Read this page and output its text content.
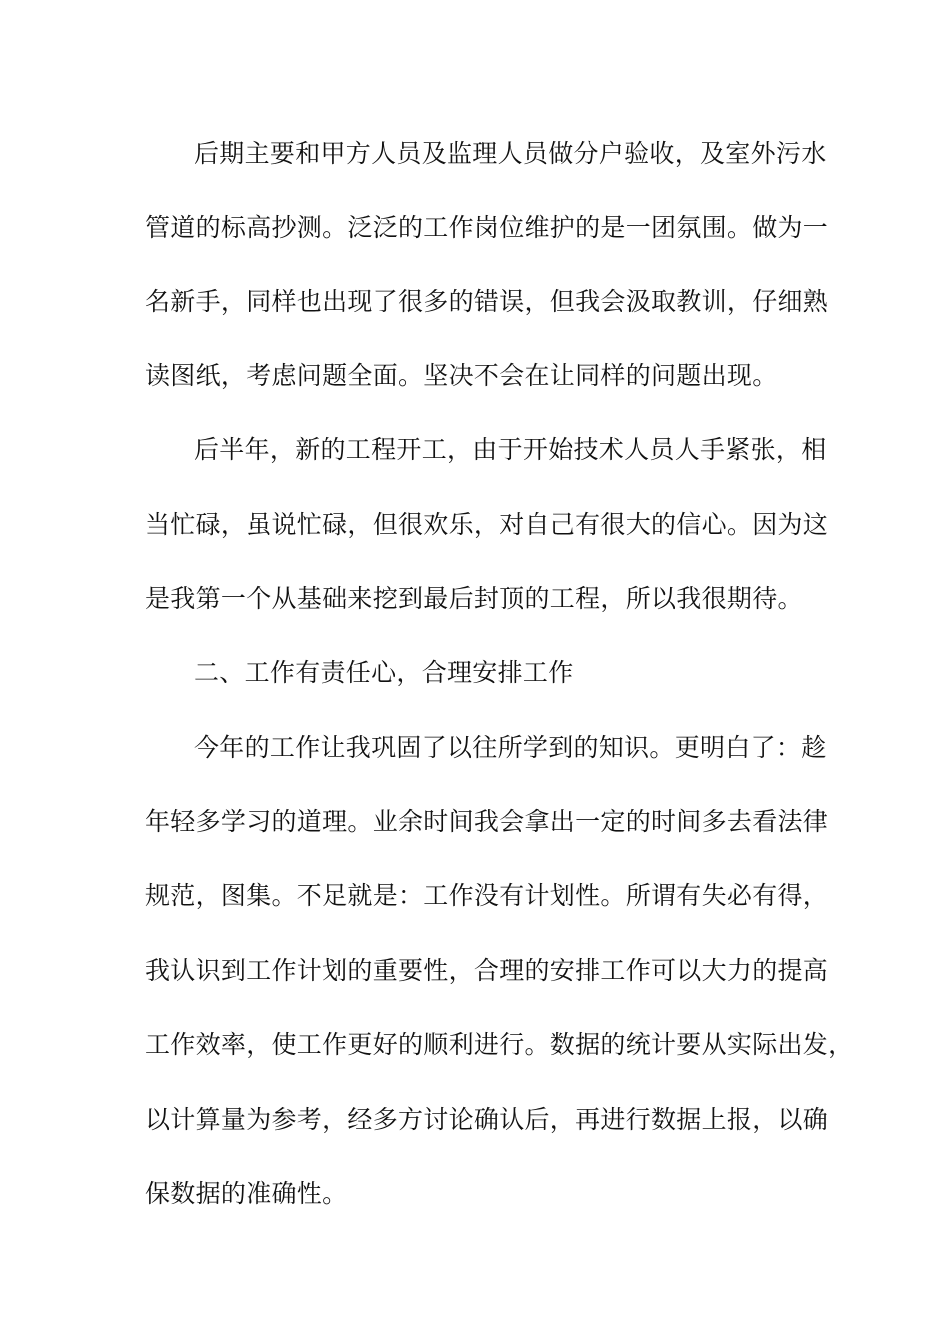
后期主要和甲方人员及监理人员做分户验收，及室外污水
管道的标高抄测。泛泛的工作岗位维护的是一团氛围。做为一
名新手，同样也出现了很多的错误，但我会汲取教训，仔细熟
读图纸，考虑问题全面。坚决不会在让同样的问题出现。
后半年，新的工程开工，由于开始技术人员人手紧张，相
当忙碌，虽说忙碌，但很欢乐，对自己有很大的信心。因为这
是我第一个从基础来挖到最后封顶的工程，所以我很期待。
二、工作有责任心，合理安排工作
今年的工作让我巩固了以往所学到的知识。更明白了：趁
年轻多学习的道理。业余时间我会拿出一定的时间多去看法律
规范，图集。不足就是：工作没有计划性。所谓有失必有得，
我认识到工作计划的重要性，合理的安排工作可以大力的提高
工作效率，使工作更好的顺利进行。数据的统计要从实际出发，
以计算量为参考，经多方讨论确认后，再进行数据上报，以确
保数据的准确性。
